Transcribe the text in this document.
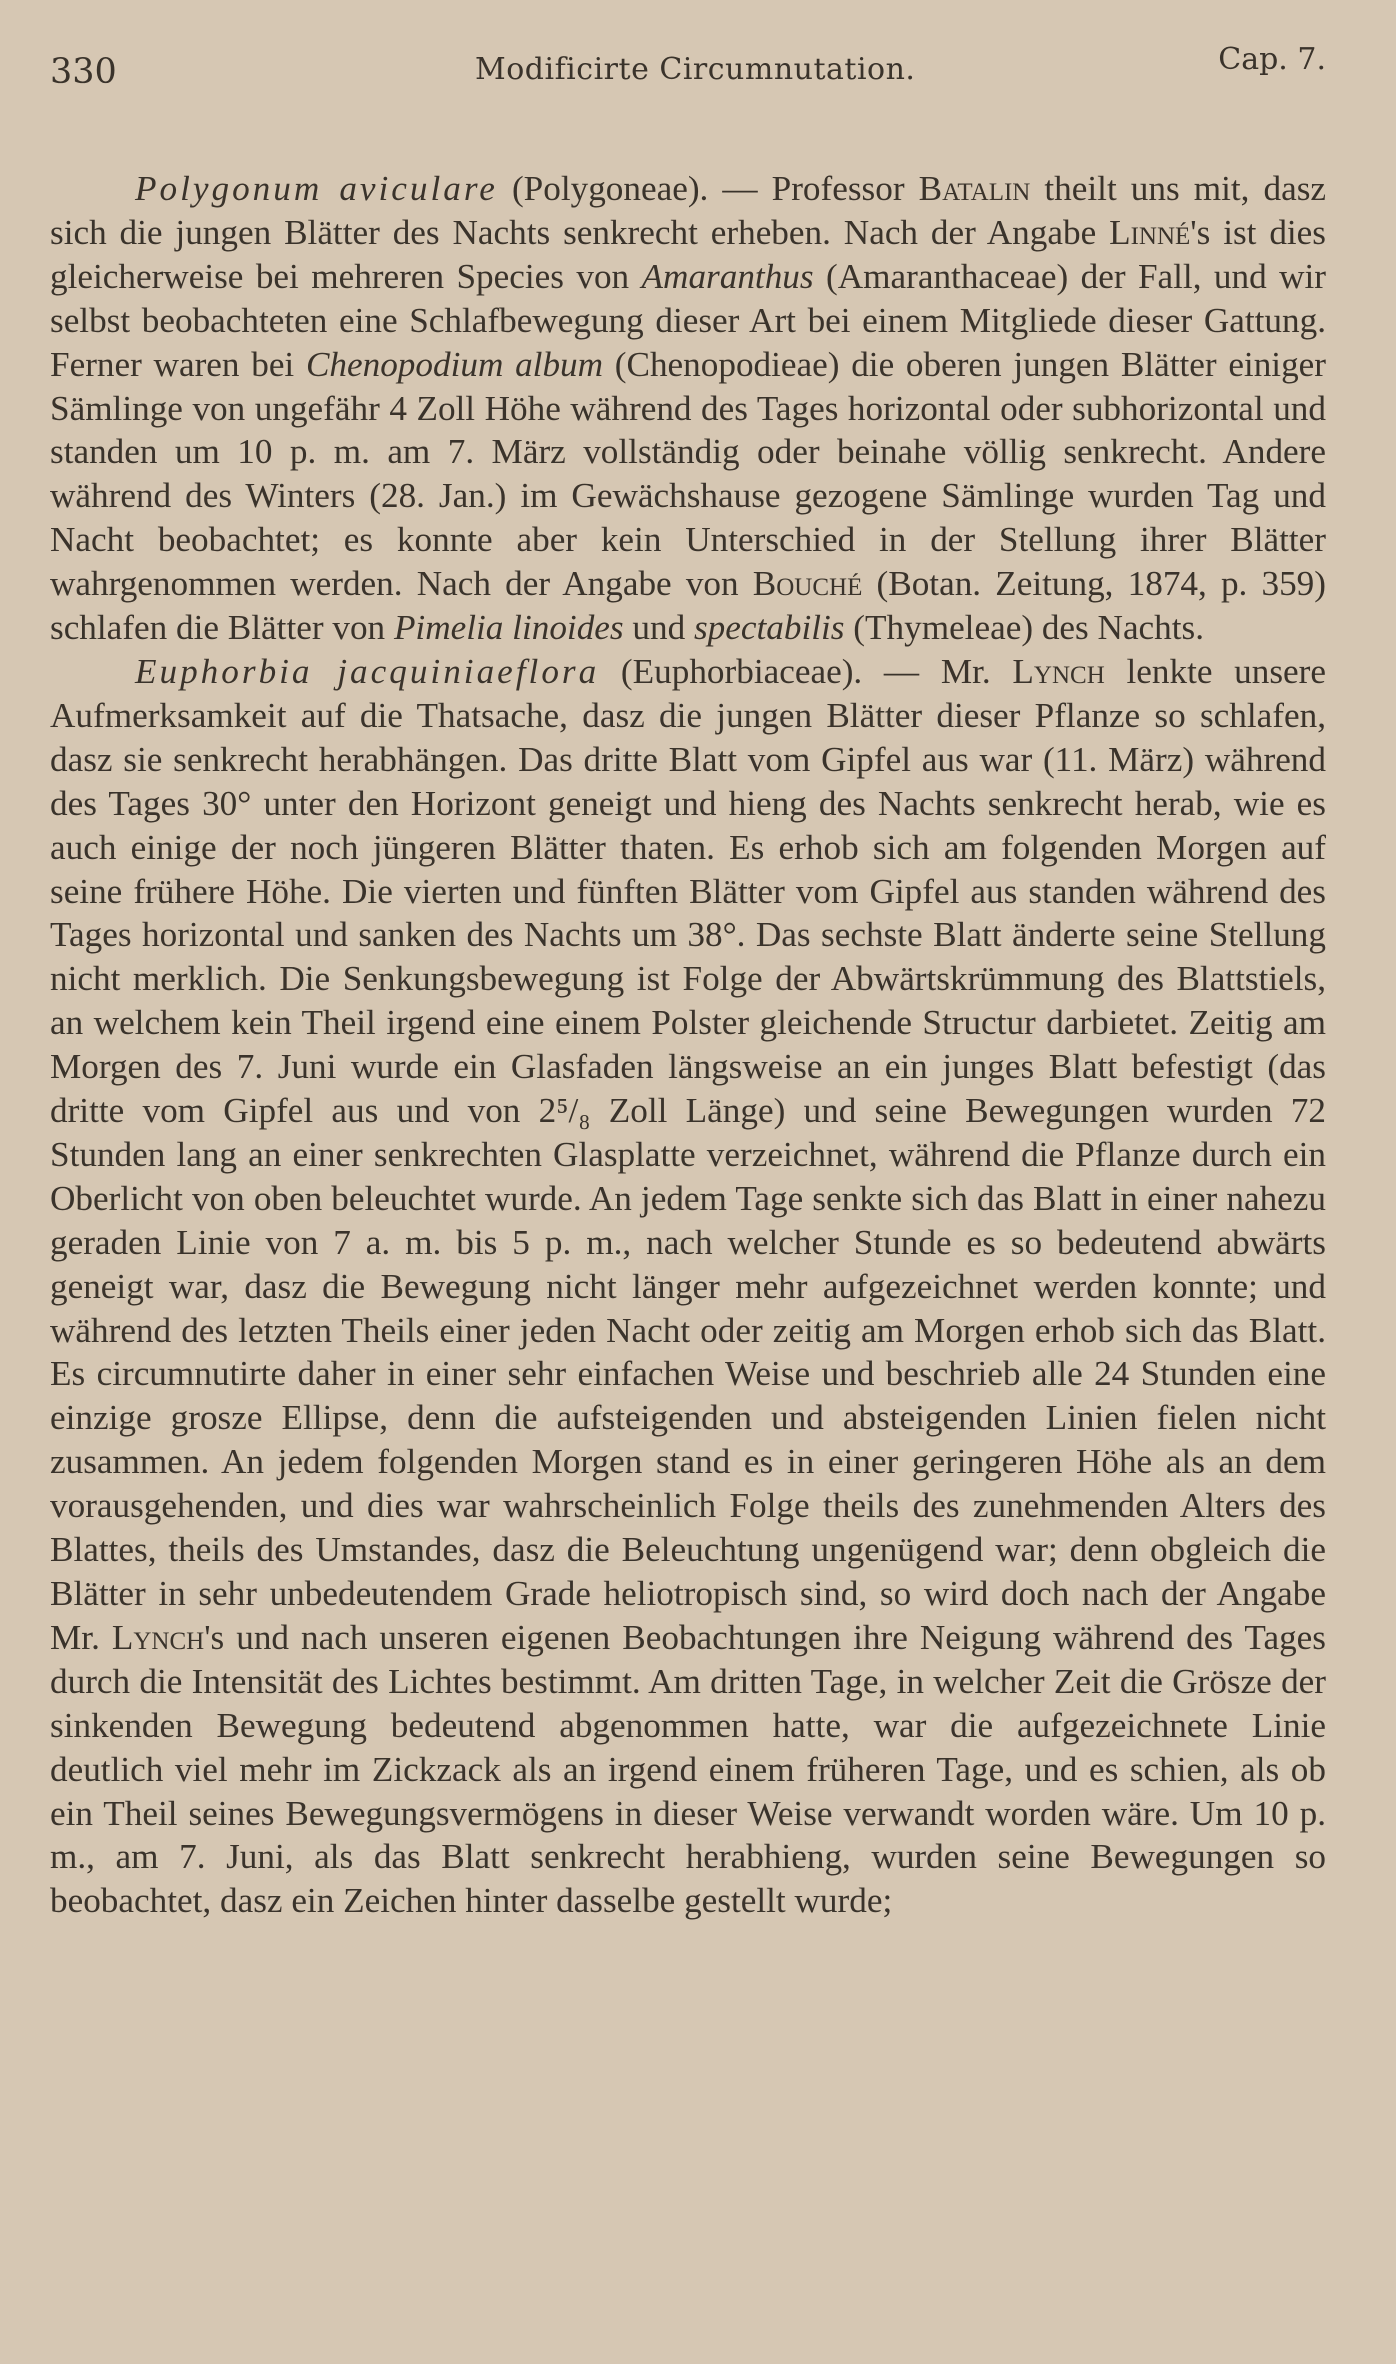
330	Modificirte Circumnutation.	Cap. 7.

Polygonum aviculare (Polygoneae). — Professor Batalin theilt uns mit, dasz sich die jungen Blätter des Nachts senkrecht erheben. Nach der Angabe Linné's ist dies gleicherweise bei mehreren Species von Amaranthus (Amaranthaceae) der Fall, und wir selbst beobachteten eine Schlafbewegung dieser Art bei einem Mitgliede dieser Gattung. Ferner waren bei Chenopodium album (Chenopodieae) die oberen jungen Blätter einiger Sämlinge von ungefähr 4 Zoll Höhe während des Tages horizontal oder subhorizontal und standen um 10 p. m. am 7. März vollständig oder beinahe völlig senkrecht. Andere während des Winters (28. Jan.) im Gewächshause gezogene Sämlinge wurden Tag und Nacht beobachtet; es konnte aber kein Unterschied in der Stellung ihrer Blätter wahrgenommen werden. Nach der Angabe von Bouché (Botan. Zeitung, 1874, p. 359) schlafen die Blätter von Pimelia linoides und spectabilis (Thymeleae) des Nachts.

Euphorbia jacquiniaeflora (Euphorbiaceae). — Mr. Lynch lenkte unsere Aufmerksamkeit auf die Thatsache, dasz die jungen Blätter dieser Pflanze so schlafen, dasz sie senkrecht herabhängen. Das dritte Blatt vom Gipfel aus war (11. März) während des Tages 30° unter den Horizont geneigt und hieng des Nachts senkrecht herab, wie es auch einige der noch jüngeren Blätter thaten. Es erhob sich am folgenden Morgen auf seine frühere Höhe. Die vierten und fünften Blätter vom Gipfel aus standen während des Tages horizontal und sanken des Nachts um 38°. Das sechste Blatt änderte seine Stellung nicht merklich. Die Senkungsbewegung ist Folge der Abwärtskrümmung des Blattstiels, an welchem kein Theil irgend eine einem Polster gleichende Structur darbietet. Zeitig am Morgen des 7. Juni wurde ein Glasfaden längsweise an ein junges Blatt befestigt (das dritte vom Gipfel aus und von 2⁵/₈ Zoll Länge) und seine Bewegungen wurden 72 Stunden lang an einer senkrechten Glasplatte verzeichnet, während die Pflanze durch ein Oberlicht von oben beleuchtet wurde. An jedem Tage senkte sich das Blatt in einer nahezu geraden Linie von 7 a. m. bis 5 p. m., nach welcher Stunde es so bedeutend abwärts geneigt war, dasz die Bewegung nicht länger mehr aufgezeichnet werden konnte; und während des letzten Theils einer jeden Nacht oder zeitig am Morgen erhob sich das Blatt. Es circumnutirte daher in einer sehr einfachen Weise und beschrieb alle 24 Stunden eine einzige grosze Ellipse, denn die aufsteigenden und absteigenden Linien fielen nicht zusammen. An jedem folgenden Morgen stand es in einer geringeren Höhe als an dem vorausgehenden, und dies war wahrscheinlich Folge theils des zunehmenden Alters des Blattes, theils des Umstandes, dasz die Beleuchtung ungenügend war; denn obgleich die Blätter in sehr unbedeutendem Grade heliotropisch sind, so wird doch nach der Angabe Mr. Lynch's und nach unseren eigenen Beobachtungen ihre Neigung während des Tages durch die Intensität des Lichtes bestimmt. Am dritten Tage, in welcher Zeit die Grösze der sinkenden Bewegung bedeutend abgenommen hatte, war die aufgezeichnete Linie deutlich viel mehr im Zickzack als an irgend einem früheren Tage, und es schien, als ob ein Theil seines Bewegungsvermögens in dieser Weise verwandt worden wäre. Um 10 p. m., am 7. Juni, als das Blatt senkrecht herabhieng, wurden seine Bewegungen so beobachtet, dasz ein Zeichen hinter dasselbe gestellt wurde;
